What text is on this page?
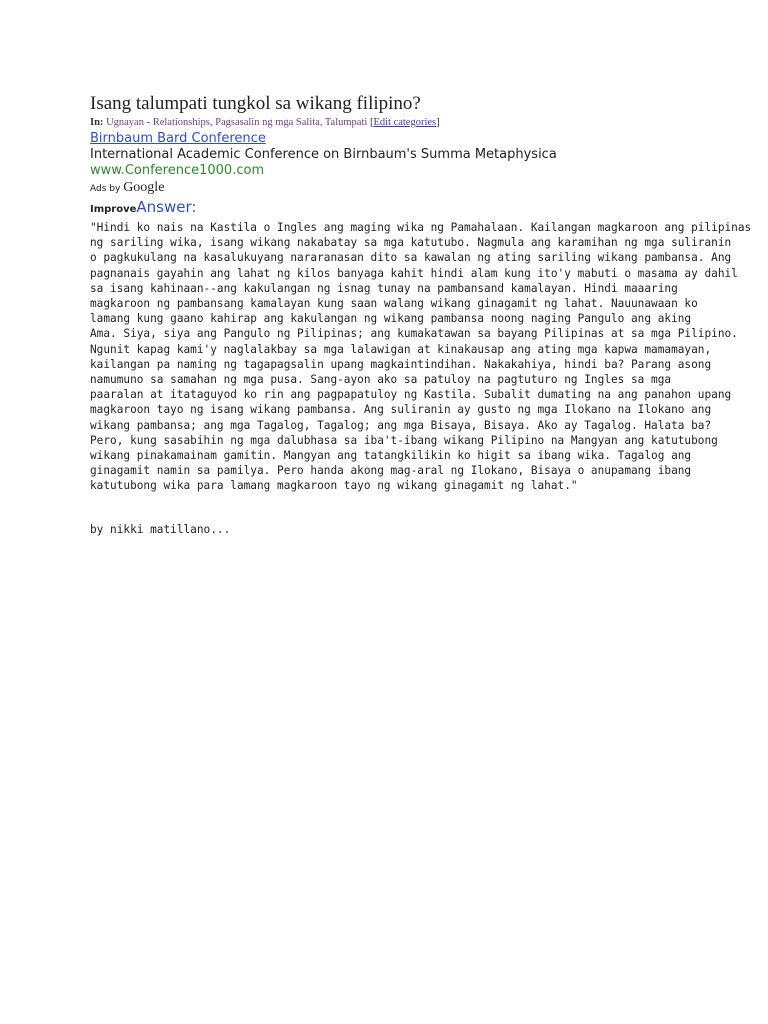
Isang talumpati tungkol sa wikang filipino?
In: Ugnayan - Relationships, Pagsasalin ng mga Salita, Talumpati [Edit categories]
Birnbaum Bard Conference
International Academic Conference on Birnbaum's Summa Metaphysica
www.Conference1000.com
Ads by Google
ImproveAnswer:
"Hindi ko nais na Kastila o Ingles ang maging wika ng Pamahalaan. Kailangan magkaroon ang pilipinas
ng sariling wika, isang wikang nakabatay sa mga katutubo. Nagmula ang karamihan ng mga suliranin
o pagkukulang na kasalukuyang nararanasan dito sa kawalan ng ating sariling wikang pambansa. Ang
pagnanais gayahin ang lahat ng kilos banyaga kahit hindi alam kung ito'y mabuti o masama ay dahil
sa isang kahinaan--ang kakulangan ng isnag tunay na pambansand kamalayan. Hindi maaaring
magkaroon ng pambansang kamalayan kung saan walang wikang ginagamit ng lahat. Nauunawaan ko
lamang kung gaano kahirap ang kakulangan ng wikang pambansa noong naging Pangulo ang aking
Ama. Siya, siya ang Pangulo ng Pilipinas; ang kumakatawan sa bayang Pilipinas at sa mga Pilipino.
Ngunit kapag kami'y naglalakbay sa mga lalawigan at kinakausap ang ating mga kapwa mamamayan,
kailangan pa naming ng tagapagsalin upang magkaintindihan. Nakakahiya, hindi ba? Parang asong
namumuno sa samahan ng mga pusa. Sang-ayon ako sa patuloy na pagtuturo ng Ingles sa mga
paaralan at itataguyod ko rin ang pagpapatuloy ng Kastila. Subalit dumating na ang panahon upang
magkaroon tayo ng isang wikang pambansa. Ang suliranin ay gusto ng mga Ilokano na Ilokano ang
wikang pambansa; ang mga Tagalog, Tagalog; ang mga Bisaya, Bisaya. Ako ay Tagalog. Halata ba?
Pero, kung sasabihin ng mga dalubhasa sa iba't-ibang wikang Pilipino na Mangyan ang katutubong
wikang pinakamainam gamitin. Mangyan ang tatangkilikin ko higit sa ibang wika. Tagalog ang
ginagamit namin sa pamilya. Pero handa akong mag-aral ng Ilokano, Bisaya o anupamang ibang
katutubong wika para lamang magkaroon tayo ng wikang ginagamit ng lahat."
by nikki matillano...
